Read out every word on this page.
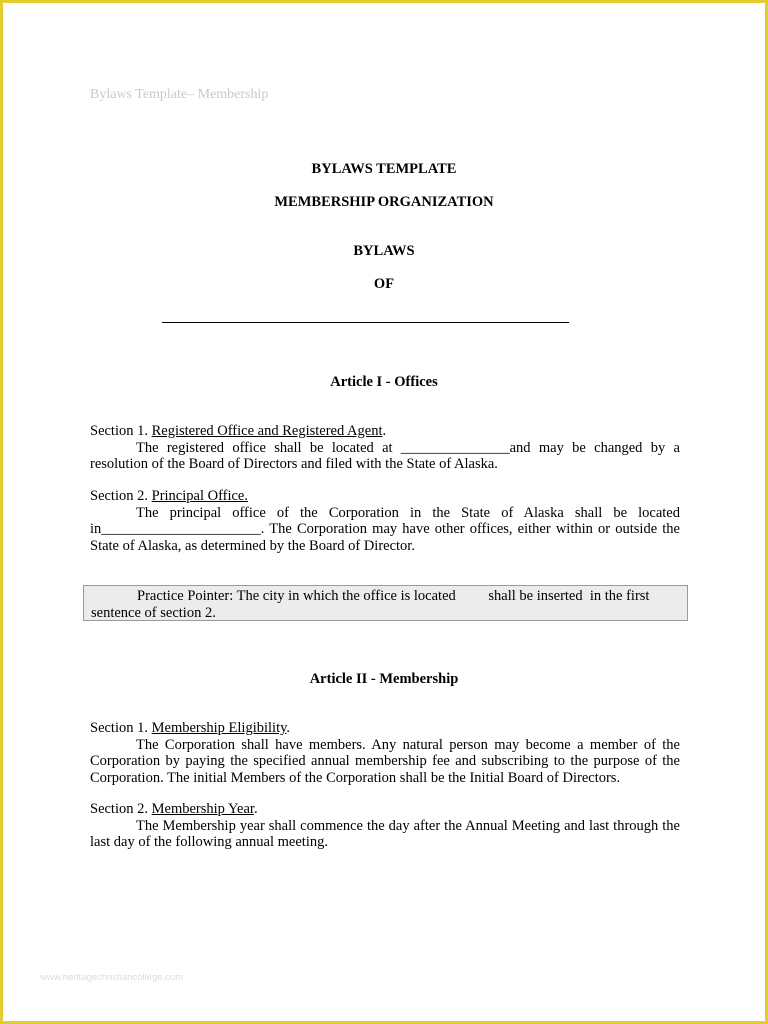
Bylaws Template– Membership
BYLAWS TEMPLATE
MEMBERSHIP ORGANIZATION
BYLAWS
OF
Article I - Offices

Section 1. Registered Office and Registered Agent.

The registered office shall be located at _______________and may be changed by a resolution of the Board of Directors and filed with the State of Alaska.

Section 2. Principal Office.

The principal office of the Corporation in the State of Alaska shall be located in______________________. The Corporation may have other offices, either within or outside the State of Alaska, as determined by the Board of Director.

Practice Pointer: The city in which the office is located         shall be inserted  in the first

sentence of section 2.

Article II - Membership

Section 1. Membership Eligibility.

The Corporation shall have members. Any natural person may become a member of the Corporation by paying the specified annual membership fee and subscribing to the purpose of the Corporation. The initial Members of the Corporation shall be the Initial Board of Directors.

Section 2. Membership Year.

The Membership year shall commence the day after the Annual Meeting and last through the last day of the following annual meeting.

www.heritagechristiancollege.com
